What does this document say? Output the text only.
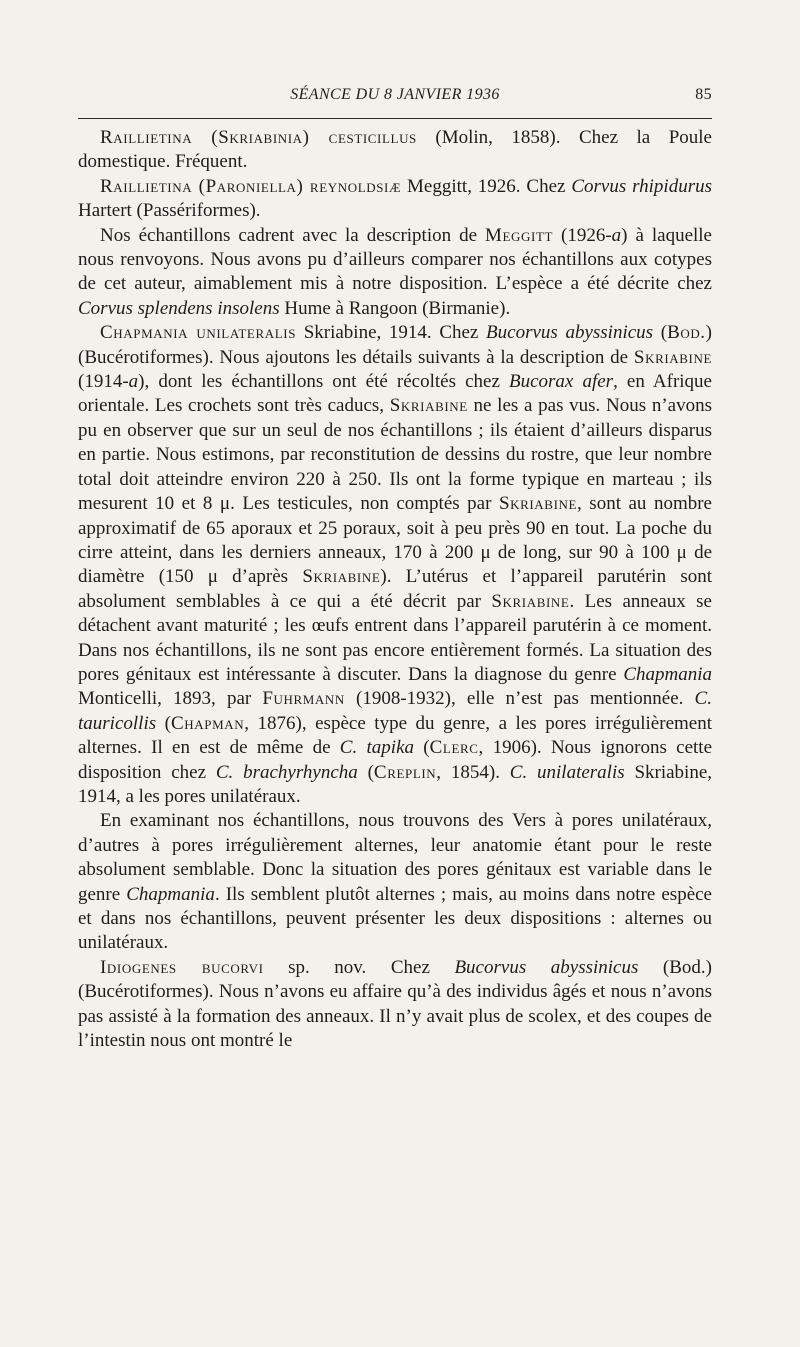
SÉANCE DU 8 JANVIER 1936	85

Raillietina (Skriabinia) cesticillus (Molin, 1858). Chez la Poule domestique. Fréquent.

Raillietina (Paroniella) reynoldsiæ Meggitt, 1926. Chez Corvus rhipidurus Hartert (Passériformes).

Nos échantillons cadrent avec la description de Meggitt (1926-a) à laquelle nous renvoyons. Nous avons pu d’ailleurs comparer nos échantillons aux cotypes de cet auteur, aimablement mis à notre disposition. L’espèce a été décrite chez Corvus splendens insolens Hume à Rangoon (Birmanie).

Chapmania unilateralis Skriabine, 1914. Chez Bucorvus abyssinicus (Bod.) (Bucérotiformes). Nous ajoutons les détails suivants à la description de Skriabine (1914-a), dont les échantillons ont été récoltés chez Bucorax afer, en Afrique orientale. Les crochets sont très caducs, Skriabine ne les a pas vus. Nous n’avons pu en observer que sur un seul de nos échantillons ; ils étaient d’ailleurs disparus en partie. Nous estimons, par reconstitution de dessins du rostre, que leur nombre total doit atteindre environ 220 à 250. Ils ont la forme typique en marteau ; ils mesurent 10 et 8 μ. Les testicules, non comptés par Skriabine, sont au nombre approximatif de 65 aporaux et 25 poraux, soit à peu près 90 en tout. La poche du cirre atteint, dans les derniers anneaux, 170 à 200 μ de long, sur 90 à 100 μ de diamètre (150 μ d’après Skriabine). L’utérus et l’appareil parutérin sont absolument semblables à ce qui a été décrit par Skriabine. Les anneaux se détachent avant maturité ; les œufs entrent dans l’appareil parutérin à ce moment. Dans nos échantillons, ils ne sont pas encore entièrement formés. La situation des pores génitaux est intéressante à discuter. Dans la diagnose du genre Chapmania Monticelli, 1893, par Fuhrmann (1908-1932), elle n’est pas mentionnée. C. tauricollis (Chapman, 1876), espèce type du genre, a les pores irrégulièrement alternes. Il en est de même de C. tapika (Clerc, 1906). Nous ignorons cette disposition chez C. brachyrhyncha (Creplin, 1854). C. unilateralis Skriabine, 1914, a les pores unilatéraux.

En examinant nos échantillons, nous trouvons des Vers à pores unilatéraux, d’autres à pores irrégulièrement alternes, leur anatomie étant pour le reste absolument semblable. Donc la situation des pores génitaux est variable dans le genre Chapmania. Ils semblent plutôt alternes ; mais, au moins dans notre espèce et dans nos échantillons, peuvent présenter les deux dispositions : alternes ou unilatéraux.

Idiogenes bucorvi sp. nov. Chez Bucorvus abyssinicus (Bod.) (Bucérotiformes). Nous n’avons eu affaire qu’à des individus âgés et nous n’avons pas assisté à la formation des anneaux. Il n’y avait plus de scolex, et des coupes de l’intestin nous ont montré le
